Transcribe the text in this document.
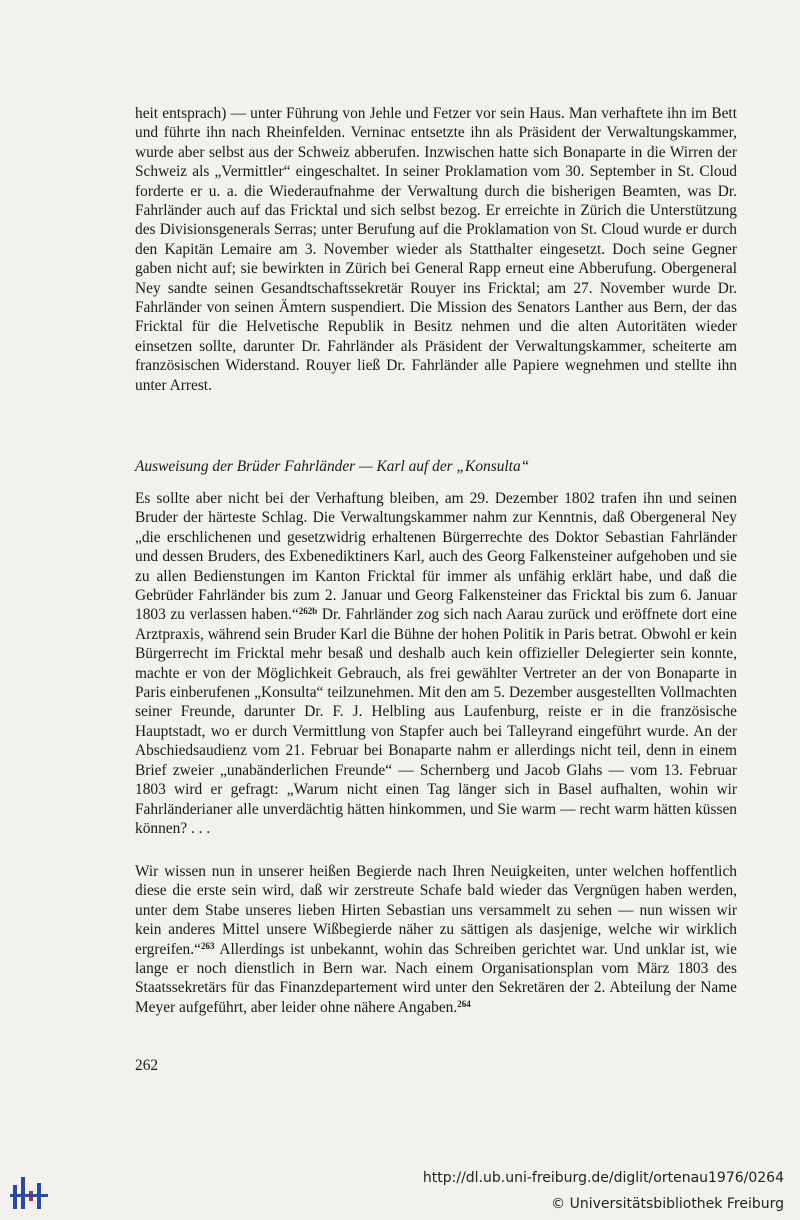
heit entsprach) — unter Führung von Jehle und Fetzer vor sein Haus. Man verhaftete ihn im Bett und führte ihn nach Rheinfelden. Verninac entsetzte ihn als Präsident der Verwaltungskammer, wurde aber selbst aus der Schweiz abberufen. Inzwischen hatte sich Bonaparte in die Wirren der Schweiz als „Vermittler“ eingeschaltet. In seiner Proklamation vom 30. September in St. Cloud forderte er u. a. die Wiederaufnahme der Verwaltung durch die bisherigen Beamten, was Dr. Fahrländer auch auf das Fricktal und sich selbst bezog. Er erreichte in Zürich die Unterstützung des Divisionsgenerals Serras; unter Berufung auf die Proklamation von St. Cloud wurde er durch den Kapitän Lemaire am 3. November wieder als Statthalter eingesetzt. Doch seine Gegner gaben nicht auf; sie bewirkten in Zürich bei General Rapp erneut eine Abberufung. Obergeneral Ney sandte seinen Gesandtschaftssekretär Rouyer ins Fricktal; am 27. November wurde Dr. Fahrländer von seinen Ämtern suspendiert. Die Mission des Senators Lanther aus Bern, der das Fricktal für die Helvetische Republik in Besitz nehmen und die alten Autoritäten wieder einsetzen sollte, darunter Dr. Fahrländer als Präsident der Verwaltungskammer, scheiterte am französischen Widerstand. Rouyer ließ Dr. Fahrländer alle Papiere wegnehmen und stellte ihn unter Arrest.

Ausweisung der Brüder Fahrländer — Karl auf der „Konsulta“

Es sollte aber nicht bei der Verhaftung bleiben, am 29. Dezember 1802 trafen ihn und seinen Bruder der härteste Schlag. Die Verwaltungskammer nahm zur Kenntnis, daß Obergeneral Ney „die erschlichenen und gesetzwidrig erhaltenen Bürgerrechte des Doktor Sebastian Fahrländer und dessen Bruders, des Exbenediktiners Karl, auch des Georg Falkensteiner aufgehoben und sie zu allen Bedienstungen im Kanton Fricktal für immer als unfähig erklärt habe, und daß die Gebrüder Fahrländer bis zum 2. Januar und Georg Falkensteiner das Fricktal bis zum 6. Januar 1803 zu verlassen haben.“$^{262b}$ Dr. Fahrländer zog sich nach Aarau zurück und eröffnete dort eine Arztpraxis, während sein Bruder Karl die Bühne der hohen Politik in Paris betrat. Obwohl er kein Bürgerrecht im Fricktal mehr besaß und deshalb auch kein offizieller Delegierter sein konnte, machte er von der Möglichkeit Gebrauch, als frei gewählter Vertreter an der von Bonaparte in Paris einberufenen „Konsulta“ teilzunehmen. Mit den am 5. Dezember ausgestellten Vollmachten seiner Freunde, darunter Dr. F. J. Helbling aus Laufenburg, reiste er in die französische Hauptstadt, wo er durch Vermittlung von Stapfer auch bei Talleyrand eingeführt wurde. An der Abschiedsaudienz vom 21. Februar bei Bonaparte nahm er allerdings nicht teil, denn in einem Brief zweier „unabänderlichen Freunde“ — Schernberg und Jacob Glahs — vom 13. Februar 1803 wird er gefragt: „Warum nicht einen Tag länger sich in Basel aufhalten, wohin wir Fahrländerianer alle unverdächtig hätten hinkommen, und Sie warm — recht warm hätten küssen können? . . .

Wir wissen nun in unserer heißen Begierde nach Ihren Neuigkeiten, unter welchen hoffentlich diese die erste sein wird, daß wir zerstreute Schafe bald wieder das Vergnügen haben werden, unter dem Stabe unseres lieben Hirten Sebastian uns versammelt zu sehen — nun wissen wir kein anderes Mittel unsere Wißbegierde näher zu sättigen als dasjenige, welche wir wirklich ergreifen.“$^{263}$ Allerdings ist unbekannt, wohin das Schreiben gerichtet war. Und unklar ist, wie lange er noch dienstlich in Bern war. Nach einem Organisationsplan vom März 1803 des Staatssekretärs für das Finanzdepartement wird unter den Sekretären der 2. Abteilung der Name Meyer aufgeführt, aber leider ohne nähere Angaben.$^{264}$

262
http://dl.ub.uni-freiburg.de/diglit/ortenau1976/0264
© Universitätsbibliothek Freiburg
